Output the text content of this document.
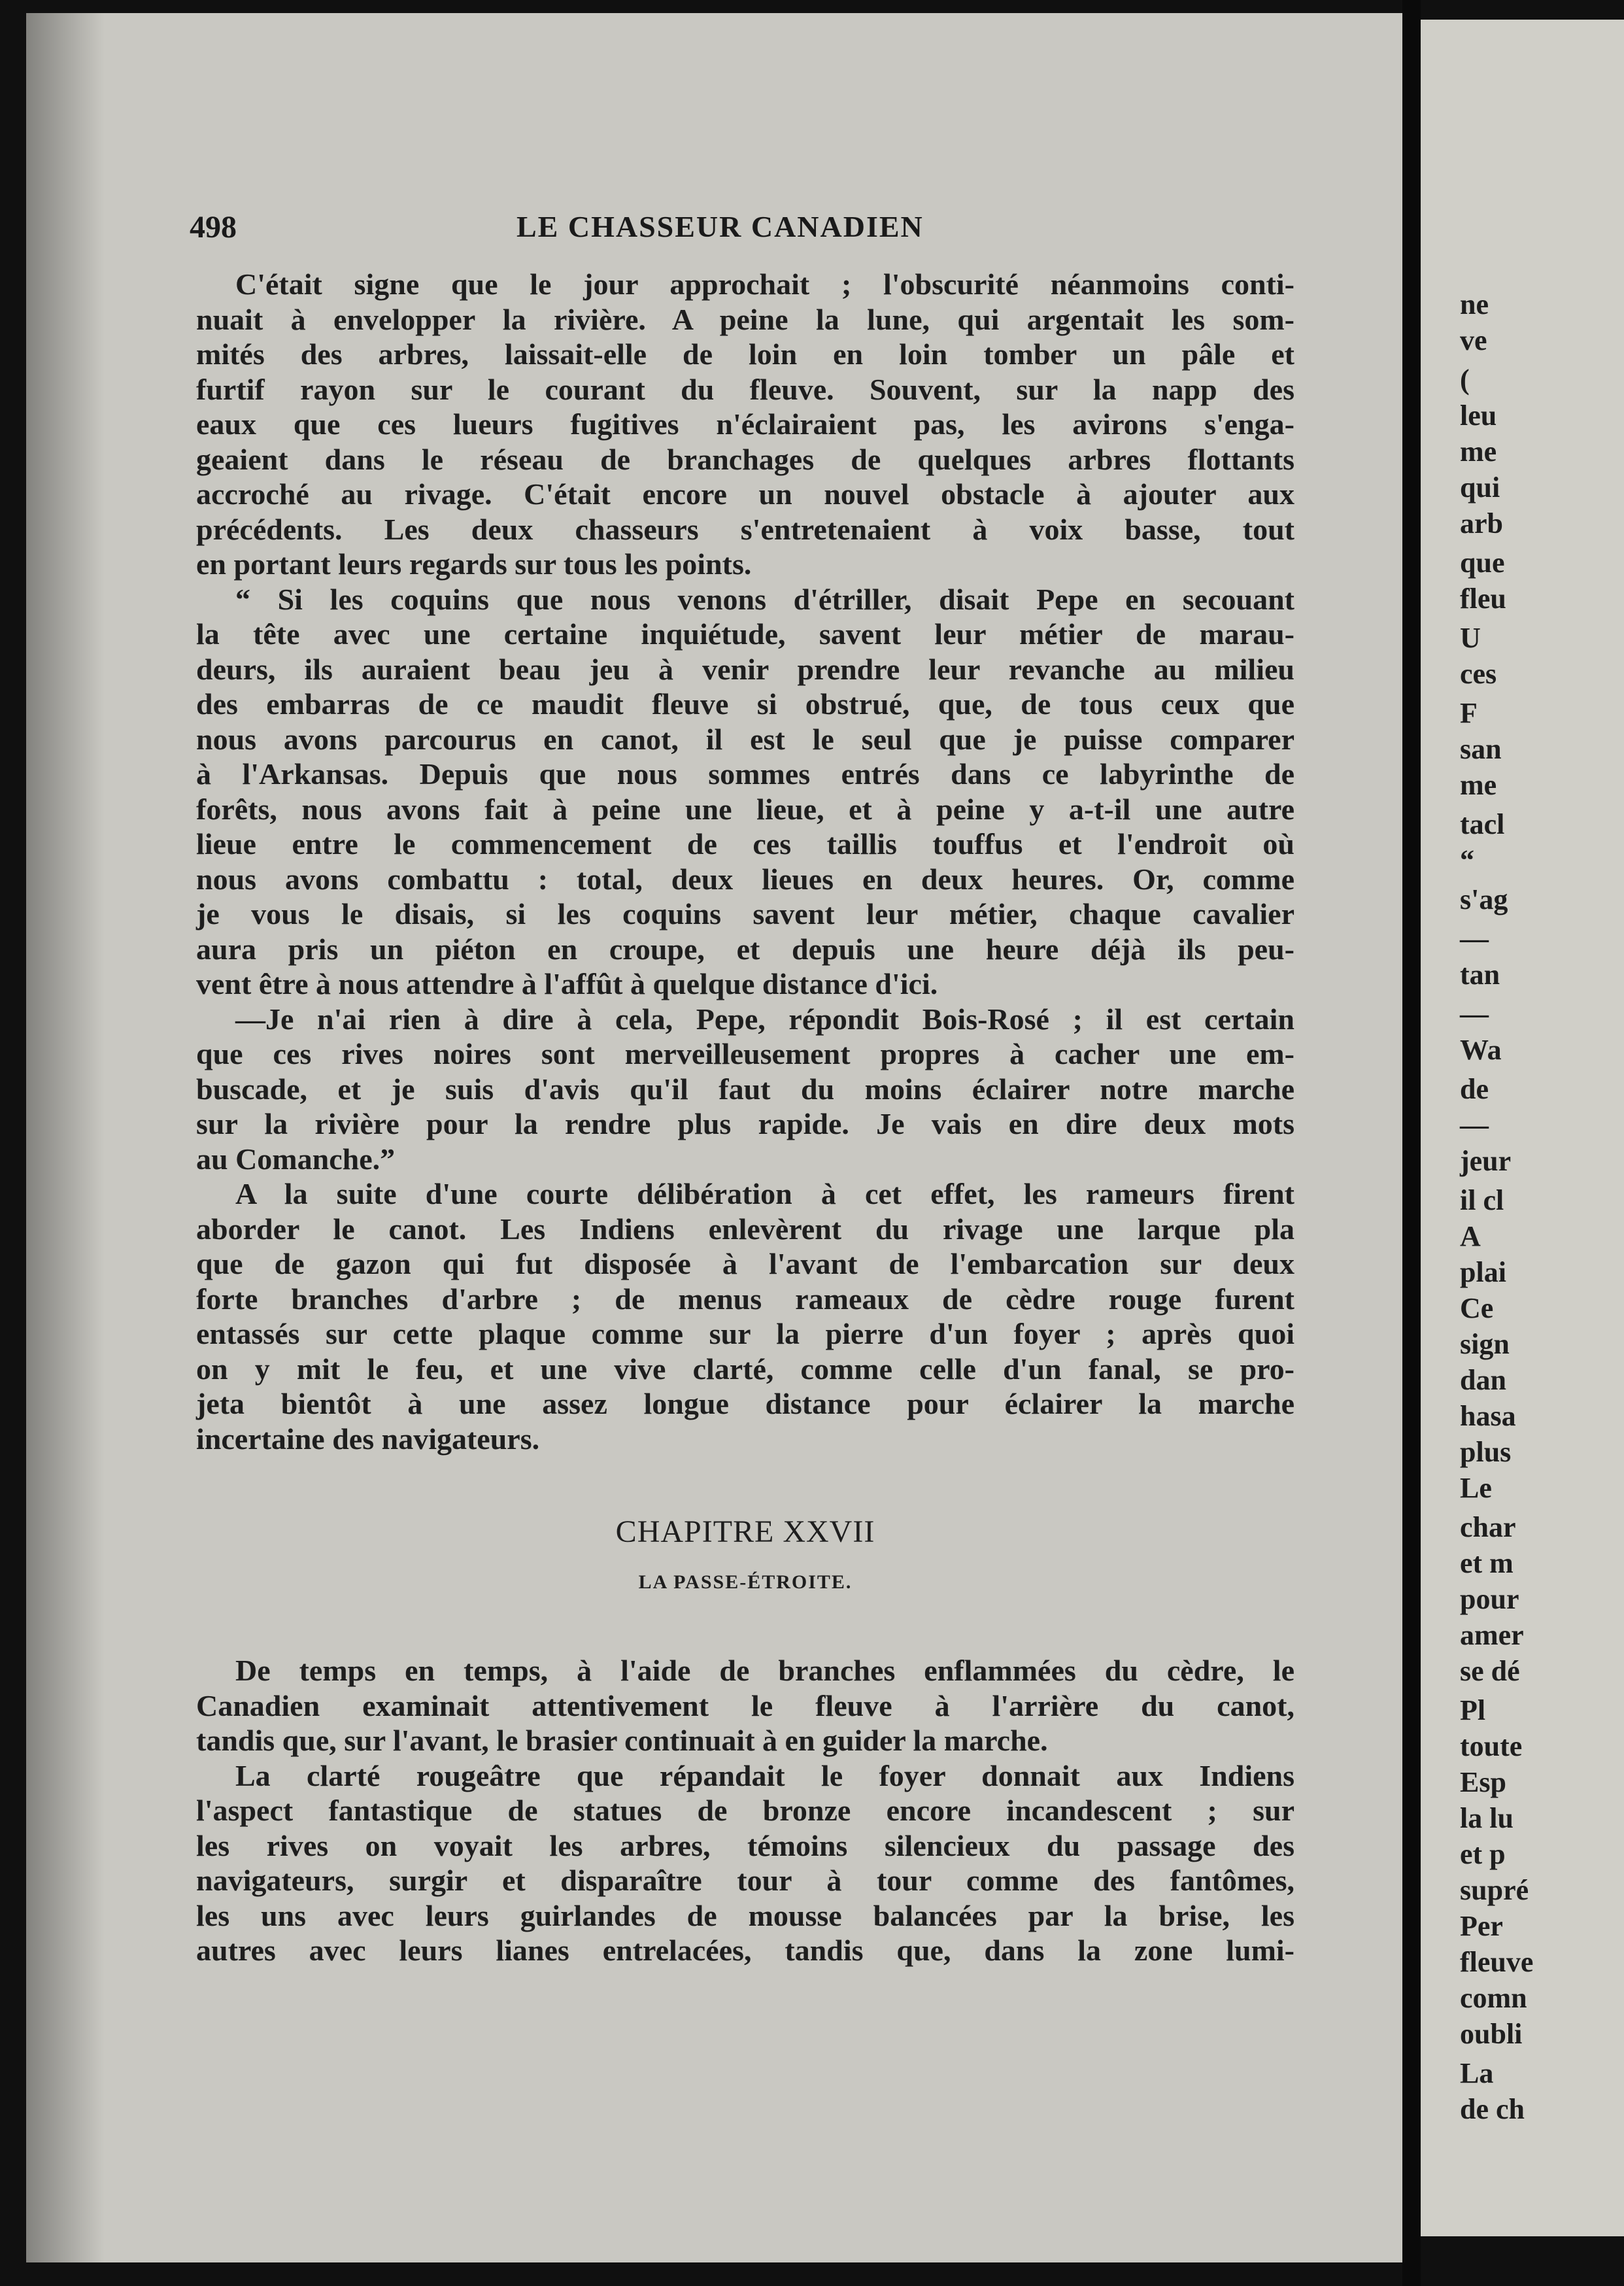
498	LE CHASSEUR CANADIEN
C'était signe que le jour approchait ; l'obscurité néanmoins conti-
nuait à envelopper la rivière. A peine la lune, qui argentait les som-
mités des arbres, laissait-elle de loin en loin tomber un pâle et
furtif rayon sur le courant du fleuve. Souvent, sur la napp des
eaux que ces lueurs fugitives n'éclairaient pas, les avirons s'enga-
geaient dans le réseau de branchages de quelques arbres flottants
accroché au rivage. C'était encore un nouvel obstacle à ajouter aux
précédents. Les deux chasseurs s'entretenaient à voix basse, tout
en portant leurs regards sur tous les points.
“ Si les coquins que nous venons d'étriller, disait Pepe en secouant
la tête avec une certaine inquiétude, savent leur métier de marau-
deurs, ils auraient beau jeu à venir prendre leur revanche au milieu
des embarras de ce maudit fleuve si obstrué, que, de tous ceux que
nous avons parcourus en canot, il est le seul que je puisse comparer
à l'Arkansas. Depuis que nous sommes entrés dans ce labyrinthe de
forêts, nous avons fait à peine une lieue, et à peine y a-t-il une autre
lieue entre le commencement de ces taillis touffus et l'endroit où
nous avons combattu : total, deux lieues en deux heures. Or, comme
je vous le disais, si les coquins savent leur métier, chaque cavalier
aura pris un piéton en croupe, et depuis une heure déjà ils peu-
vent être à nous attendre à l'affût à quelque distance d'ici.
—Je n'ai rien à dire à cela, Pepe, répondit Bois-Rosé ; il est certain
que ces rives noires sont merveilleusement propres à cacher une em-
buscade, et je suis d'avis qu'il faut du moins éclairer notre marche
sur la rivière pour la rendre plus rapide. Je vais en dire deux mots
au Comanche.”
A la suite d'une courte délibération à cet effet, les rameurs firent
aborder le canot. Les Indiens enlevèrent du rivage une larque pla
que de gazon qui fut disposée à l'avant de l'embarcation sur deux
forte branches d'arbre ; de menus rameaux de cèdre rouge furent
entassés sur cette plaque comme sur la pierre d'un foyer ; après quoi
on y mit le feu, et une vive clarté, comme celle d'un fanal, se pro-
jeta bientôt à une assez longue distance pour éclairer la marche
incertaine des navigateurs.
CHAPITRE XXVII
LA PASSE-ÉTROITE.
De temps en temps, à l'aide de branches enflammées du cèdre, le
Canadien examinait attentivement le fleuve à l'arrière du canot,
tandis que, sur l'avant, le brasier continuait à en guider la marche.
La clarté rougeâtre que répandait le foyer donnait aux Indiens
l'aspect fantastique de statues de bronze encore incandescent ; sur
les rives on voyait les arbres, témoins silencieux du passage des
navigateurs, surgir et disparaître tour à tour comme des fantômes,
les uns avec leurs guirlandes de mousse balancées par la brise, les
autres avec leurs lianes entrelacées, tandis que, dans la zone lumi-
ne
ve
(
leu
me
qui
arb
que
fleu
U
ces
F
san
me
tacl
“
s'ag
—
tan
—
Wa
de
—
jeur
il cl
A
plai
Ce
sign
dan
hasa
plus
Le
char
et m
pour
amer
se dé
Pl
toute
Esp
la lu
et p
supré
Per
fleuve
comn
oubli
La
de ch
